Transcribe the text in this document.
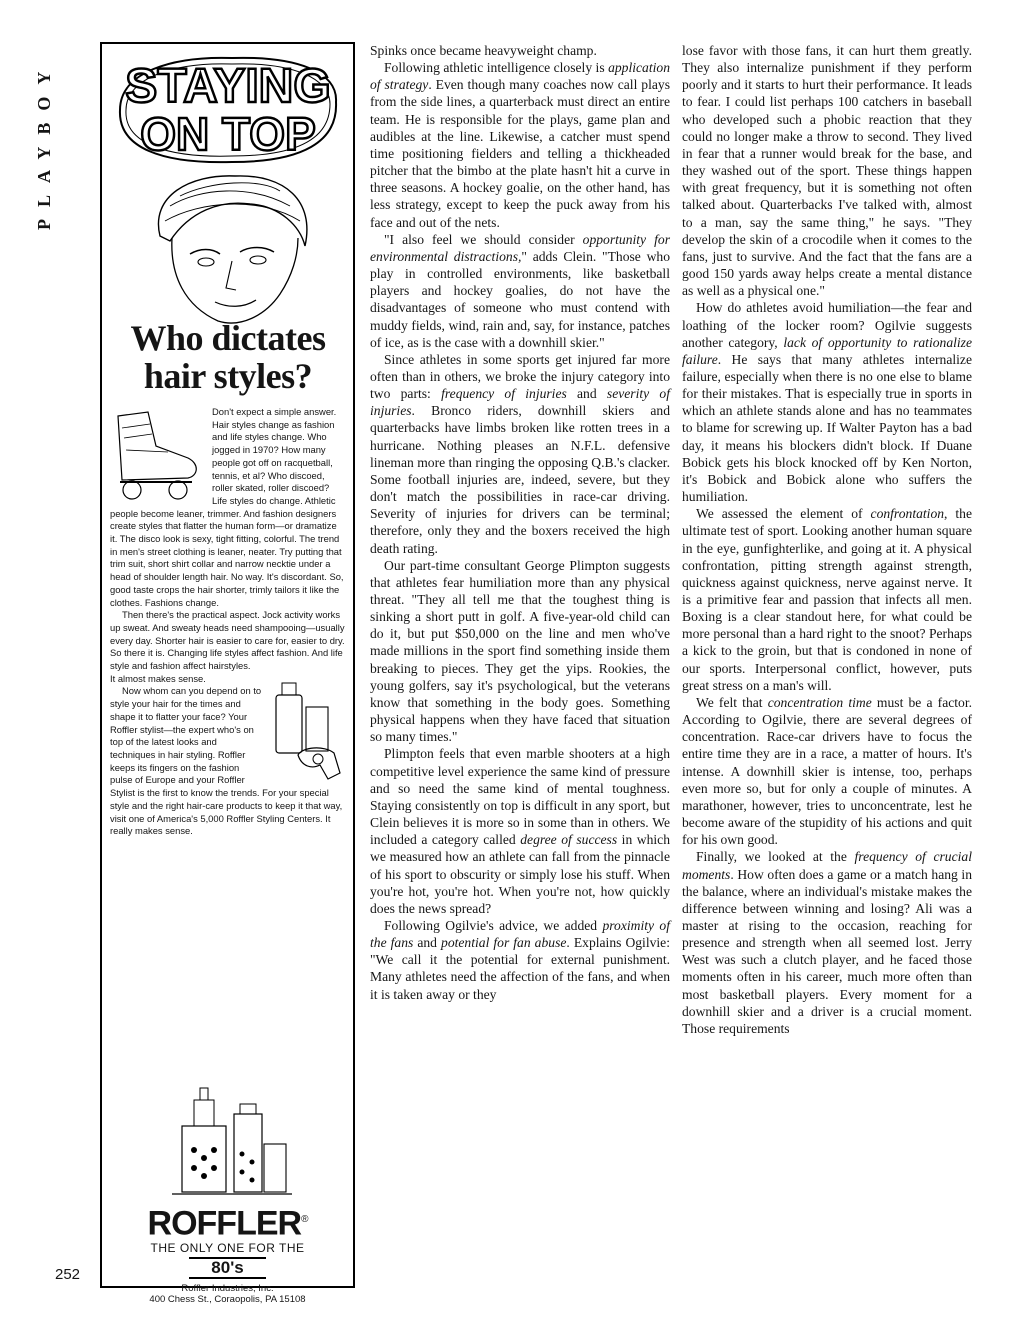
PLAYBOY STAYING
ON TOP
Who dictates hair styles?

Don't expect a simple answer. Hair styles change as fashion and life styles change. Who jogged in 1970? How many people got off on racquetball, tennis, et al? Who discoed, roller skated, roller discoed? Life styles do change. Athletic people become leaner, trimmer. And fashion designers create styles that flatter the human form—or dramatize it. The disco look is sexy, tight fitting, colorful. The trend in men's street clothing is leaner, neater. Try putting that trim suit, short shirt collar and narrow necktie under a head of shoulder length hair. No way. It's discordant. So, good taste crops the hair shorter, trimly tailors it like the clothes. Fashions change.

Then there's the practical aspect. Jock activity works up sweat. And sweaty heads need shampooing—usually every day. Shorter hair is easier to care for, easier to dry. So there it is. Changing life styles affect fashion. And life style and fashion affect hairstyles.

It almost makes sense.

Now whom can you depend on to style your hair for the times and shape it to flatter your face? Your Roffler stylist—the expert who's on top of the latest looks and techniques in hair styling. Roffler keeps its fingers on the fashion pulse of Europe and your Roffler Stylist is the first to know the trends. For your special style and the right hair-care products to keep it that way, visit one of America's 5,000 Roffler Styling Centers. It really makes sense.

ROFFLER®
THE ONLY ONE FOR THE
80's
Roffler Industries, Inc.
400 Chess St., Coraopolis, PA 15108

Spinks once became heavyweight champ.

Following athletic intelligence closely is application of strategy. Even though many coaches now call plays from the side lines, a quarterback must direct an entire team. He is responsible for the plays, game plan and audibles at the line. Likewise, a catcher must spend time positioning fielders and telling a thickheaded pitcher that the bimbo at the plate hasn't hit a curve in three seasons. A hockey goalie, on the other hand, has less strategy, except to keep the puck away from his face and out of the nets.

"I also feel we should consider opportunity for environmental distractions," adds Clein. "Those who play in controlled environments, like basketball players and hockey goalies, do not have the disadvantages of someone who must contend with muddy fields, wind, rain and, say, for instance, patches of ice, as is the case with a downhill skier."

Since athletes in some sports get injured far more often than in others, we broke the injury category into two parts: frequency of injuries and severity of injuries. Bronco riders, downhill skiers and quarterbacks have limbs broken like rotten trees in a hurricane. Nothing pleases an N.F.L. defensive lineman more than ringing the opposing Q.B.'s clacker. Some football injuries are, indeed, severe, but they don't match the possibilities in race-car driving. Severity of injuries for drivers can be terminal; therefore, only they and the boxers received the high death rating.

Our part-time consultant George Plimpton suggests that athletes fear humiliation more than any physical threat. "They all tell me that the toughest thing is sinking a short putt in golf. A five-year-old child can do it, but put $50,000 on the line and men who've made millions in the sport find something inside them breaking to pieces. They get the yips. Rookies, the young golfers, say it's psychological, but the veterans know that something in the body goes. Something physical happens when they have faced that situation so many times."

Plimpton feels that even marble shooters at a high competitive level experience the same kind of pressure and so need the same kind of mental toughness. Staying consistently on top is difficult in any sport, but Clein believes it is more so in some than in others. We included a category called degree of success in which we measured how an athlete can fall from the pinnacle of his sport to obscurity or simply lose his stuff. When you're hot, you're hot. When you're not, how quickly does the news spread?

Following Ogilvie's advice, we added proximity of the fans and potential for fan abuse. Explains Ogilvie: "We call it the potential for external punishment. Many athletes need the affection of the fans, and when it is taken away or they

lose favor with those fans, it can hurt them greatly. They also internalize punishment if they perform poorly and it starts to hurt their performance. It leads to fear. I could list perhaps 100 catchers in baseball who developed such a phobic reaction that they could no longer make a throw to second. They lived in fear that a runner would break for the base, and they washed out of the sport. These things happen with great frequency, but it is something not often talked about. Quarterbacks I've talked with, almost to a man, say the same thing," he says. "They develop the skin of a crocodile when it comes to the fans, just to survive. And the fact that the fans are a good 150 yards away helps create a mental distance as well as a physical one."

How do athletes avoid humiliation—the fear and loathing of the locker room? Ogilvie suggests another category, lack of opportunity to rationalize failure. He says that many athletes internalize failure, especially when there is no one else to blame for their mistakes. That is especially true in sports in which an athlete stands alone and has no teammates to blame for screwing up. If Walter Payton has a bad day, it means his blockers didn't block. If Duane Bobick gets his block knocked off by Ken Norton, it's Bobick and Bobick alone who suffers the humiliation.

We assessed the element of confrontation, the ultimate test of sport. Looking another human square in the eye, gunfighterlike, and going at it. A physical confrontation, pitting strength against strength, quickness against quickness, nerve against nerve. It is a primitive fear and passion that infects all men. Boxing is a clear standout here, for what could be more personal than a hard right to the snoot? Perhaps a kick to the groin, but that is condoned in none of our sports. Interpersonal conflict, however, puts great stress on a man's will.

We felt that concentration time must be a factor. According to Ogilvie, there are several degrees of concentration. Race-car drivers have to focus the entire time they are in a race, a matter of hours. It's intense. A downhill skier is intense, too, perhaps even more so, but for only a couple of minutes. A marathoner, however, tries to unconcentrate, lest he become aware of the stupidity of his actions and quit for his own good.

Finally, we looked at the frequency of crucial moments. How often does a game or a match hang in the balance, where an individual's mistake makes the difference between winning and losing? Ali was a master at rising to the occasion, reaching for presence and strength when all seemed lost. Jerry West was such a clutch player, and he faced those moments often in his career, much more often than most basketball players. Every moment for a downhill skier and a driver is a crucial moment. Those requirements

252
